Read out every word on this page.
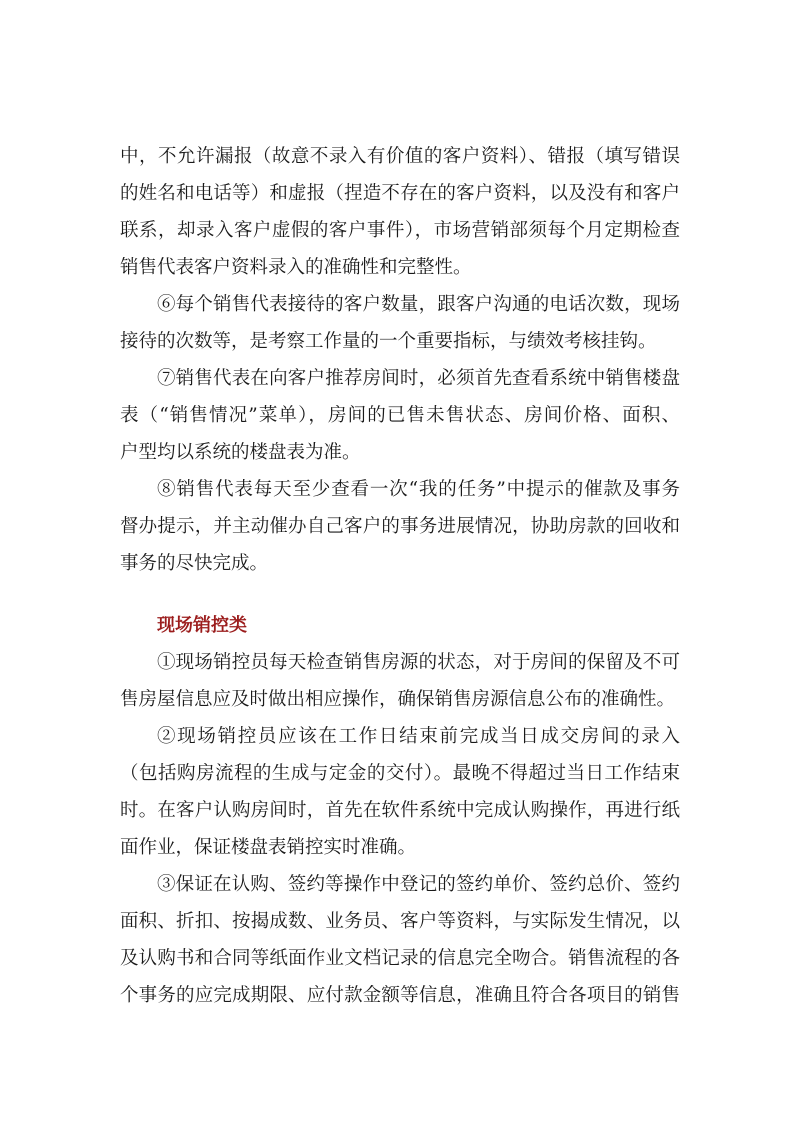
中，不允许漏报（故意不录入有价值的客户资料）、错报（填写错误
的姓名和电话等）和虚报（捏造不存在的客户资料，以及没有和客户
联系，却录入客户虚假的客户事件），市场营销部须每个月定期检查
销售代表客户资料录入的准确性和完整性。
⑥每个销售代表接待的客户数量，跟客户沟通的电话次数，现场
接待的次数等，是考察工作量的一个重要指标，与绩效考核挂钩。
⑦销售代表在向客户推荐房间时，必须首先查看系统中销售楼盘
表（“销售情况”菜单），房间的已售未售状态、房间价格、面积、
户型均以系统的楼盘表为准。
⑧销售代表每天至少查看一次“我的任务”中提示的催款及事务
督办提示，并主动催办自己客户的事务进展情况，协助房款的回收和
事务的尽快完成。
现场销控类
①现场销控员每天检查销售房源的状态，对于房间的保留及不可
售房屋信息应及时做出相应操作，确保销售房源信息公布的准确性。
②现场销控员应该在工作日结束前完成当日成交房间的录入
（包括购房流程的生成与定金的交付）。最晚不得超过当日工作结束
时。在客户认购房间时，首先在软件系统中完成认购操作，再进行纸
面作业，保证楼盘表销控实时准确。
③保证在认购、签约等操作中登记的签约单价、签约总价、签约
面积、折扣、按揭成数、业务员、客户等资料，与实际发生情况，以
及认购书和合同等纸面作业文档记录的信息完全吻合。销售流程的各
个事务的应完成期限、应付款金额等信息，准确且符合各项目的销售
